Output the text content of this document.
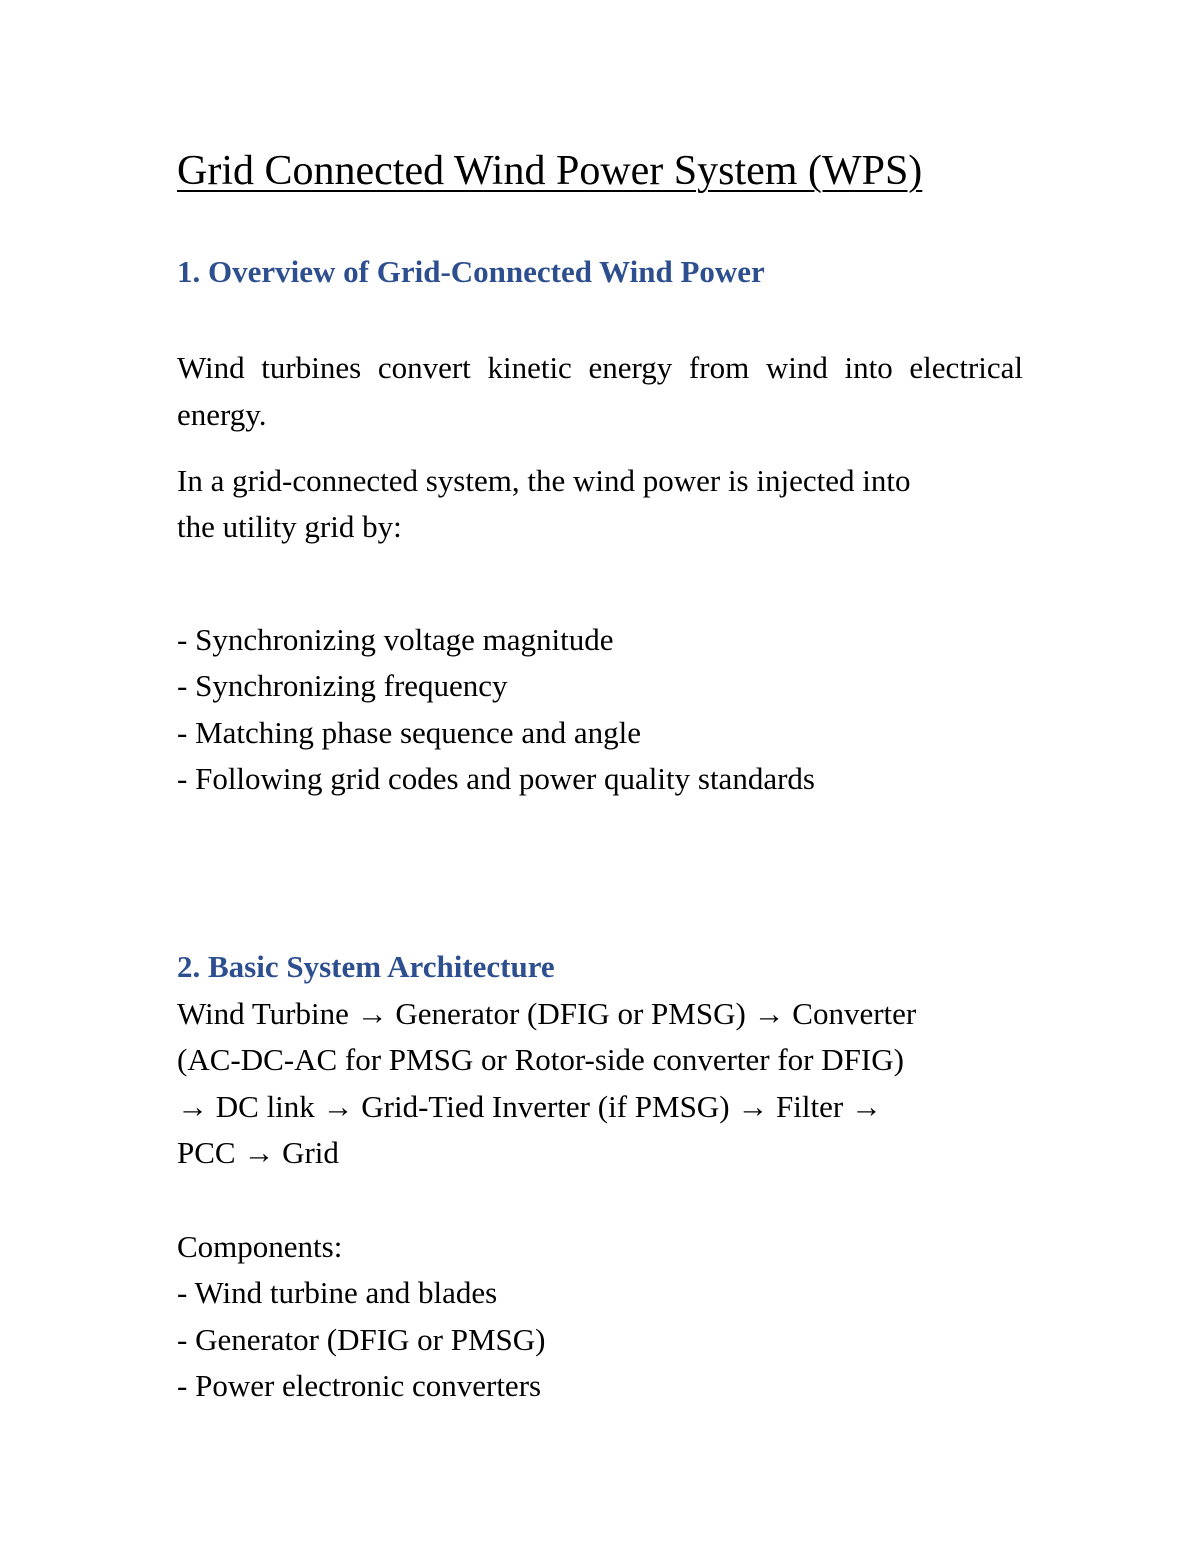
Grid Connected Wind Power System (WPS)
1. Overview of Grid-Connected Wind Power

Wind turbines convert kinetic energy from wind into electrical energy.

In a grid-connected system, the wind power is injected into

the utility grid by:

- Synchronizing voltage magnitude
- Synchronizing frequency
- Matching phase sequence and angle
- Following grid codes and power quality standards
2. Basic System Architecture

Wind Turbine → Generator (DFIG or PMSG) → Converter

(AC-DC-AC for PMSG or Rotor-side converter for DFIG)

→ DC link → Grid-Tied Inverter (if PMSG) → Filter →

PCC → Grid

Components:

- Wind turbine and blades
- Generator (DFIG or PMSG)
- Power electronic converters
